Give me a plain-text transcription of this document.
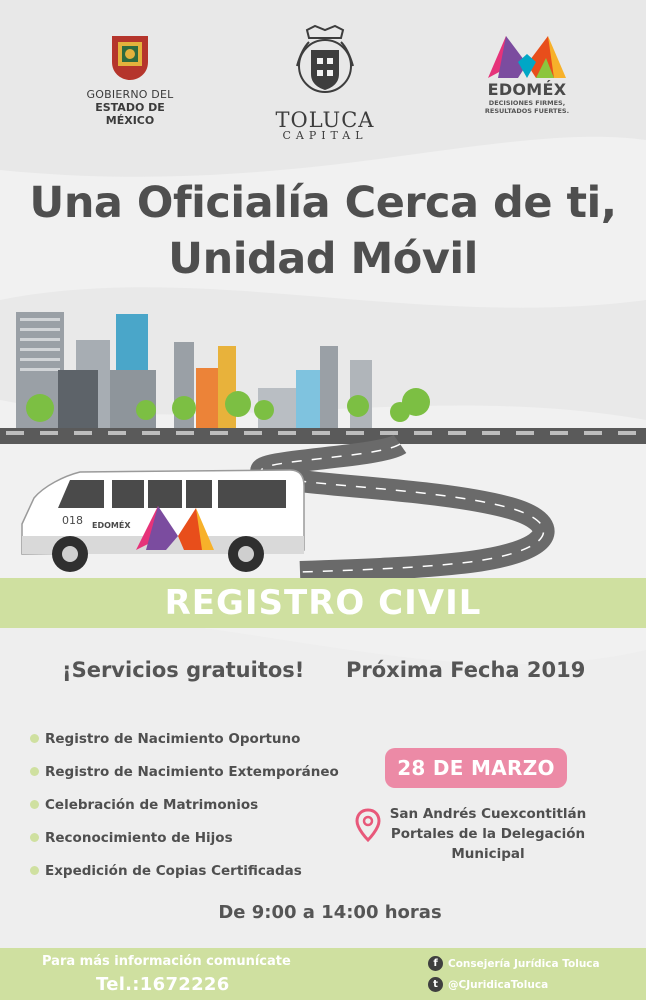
GOBIERNO DEL
ESTADO DE MÉXICO	TOLUCA
CAPITAL
EDOMÉX
DECISIONES FIRMES,
RESULTADOS FUERTES.
Una Oficialía Cerca de ti,
Unidad Móvil
018 EDOMÉX
REGISTRO CIVIL
¡Servicios gratuitos! Próxima Fecha 2019
Registro de Nacimiento Oportuno
Registro de Nacimiento Extemporáneo
Celebración de Matrimonios
Reconocimiento de Hijos
Expedición de Copias Certificadas
28 DE MARZO
San Andrés Cuexcontitlán
Portales de la Delegación
Municipal
De 9:00 a 14:00 horas
Para más información comunícate
Tel.:1672226
f Consejería Jurídica Toluca
t @CJuridicaToluca
